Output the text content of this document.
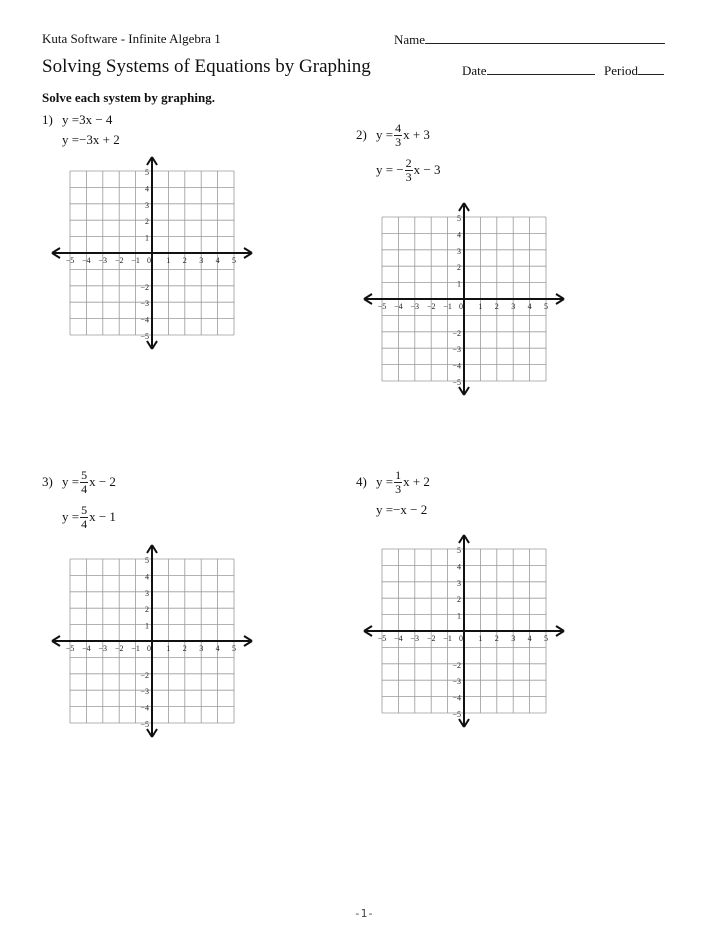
Kuta Software - Infinite Algebra 1	Name
Solving Systems of Equations by Graphing	Date	Period
Solve each system by graphing.
1) y = 3x − 4
y = −3x + 2	2) $y = \frac{4}{3}$ x + 3
y = − $\frac{2}{3}$ x − 3
3) $y = \frac{5}{4}$ x − 2
$y = \frac{5}{4}$ x − 1
4) $y = \frac{1}{3}$ x + 2
y = −x − 2
−5 −4 −3 −2 −1 0 1 2 3 4 5
5
4
3
2
1
−2
−3
−4
−5
−5 −4 −3 −2 −1 0 1 2 3 4 5
5
4
3
2
1
−2
−3
−4
−5
−5 −4 −3 −2 −1 0 1 2 3 4 5
5
4
3
2
1
−2
−3
−4
−5
−5 −4 −3 −2 −1 0 1 2 3 4 5
5
4
3
2
1
−2
−3
−4
−5
-1-
